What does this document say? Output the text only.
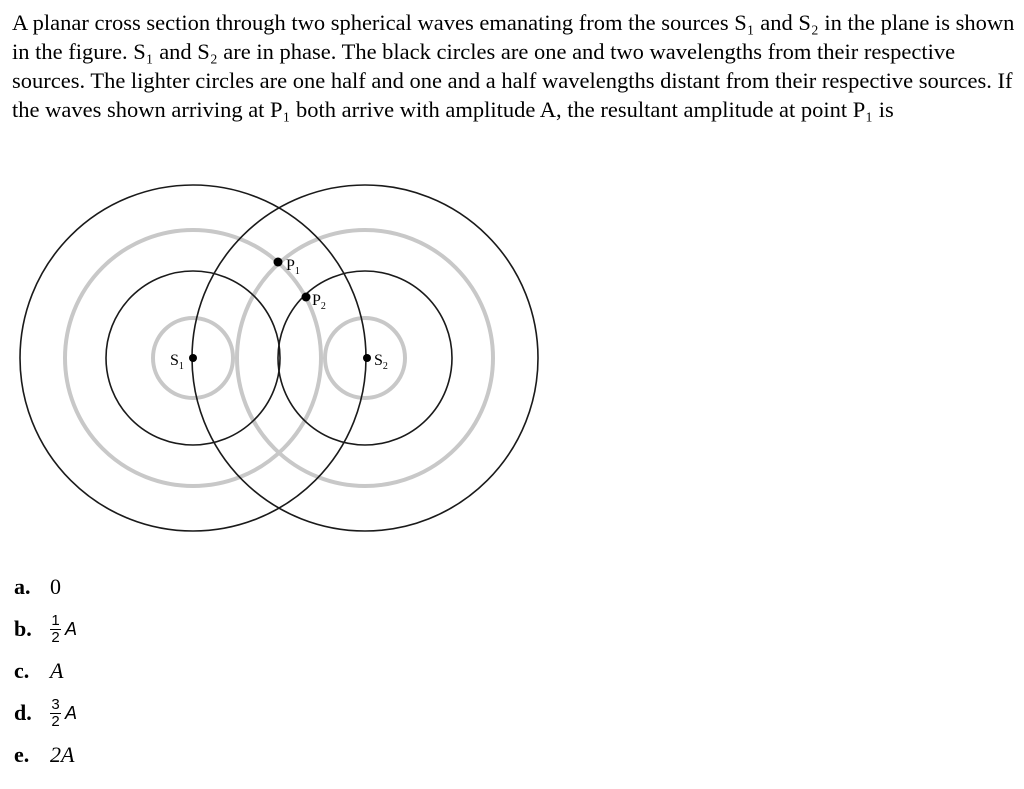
A planar cross section through two spherical waves emanating from the sources S₁ and S₂ in the plane is shown in the figure. S₁ and S₂ are in phase. The black circles are one and two wavelengths from their respective sources. The lighter circles are one half and one and a half wavelengths distant from their respective sources. If the waves shown arriving at P₁ both arrive with amplitude A, the resultant amplitude at point P₁ is

$S_1$	$S_2$
$P_1$
$P_2$
a. 0
b.	$\frac{1}{2}$ A
c. A
d.	$\frac{3}{2}$ A
e. 2A
